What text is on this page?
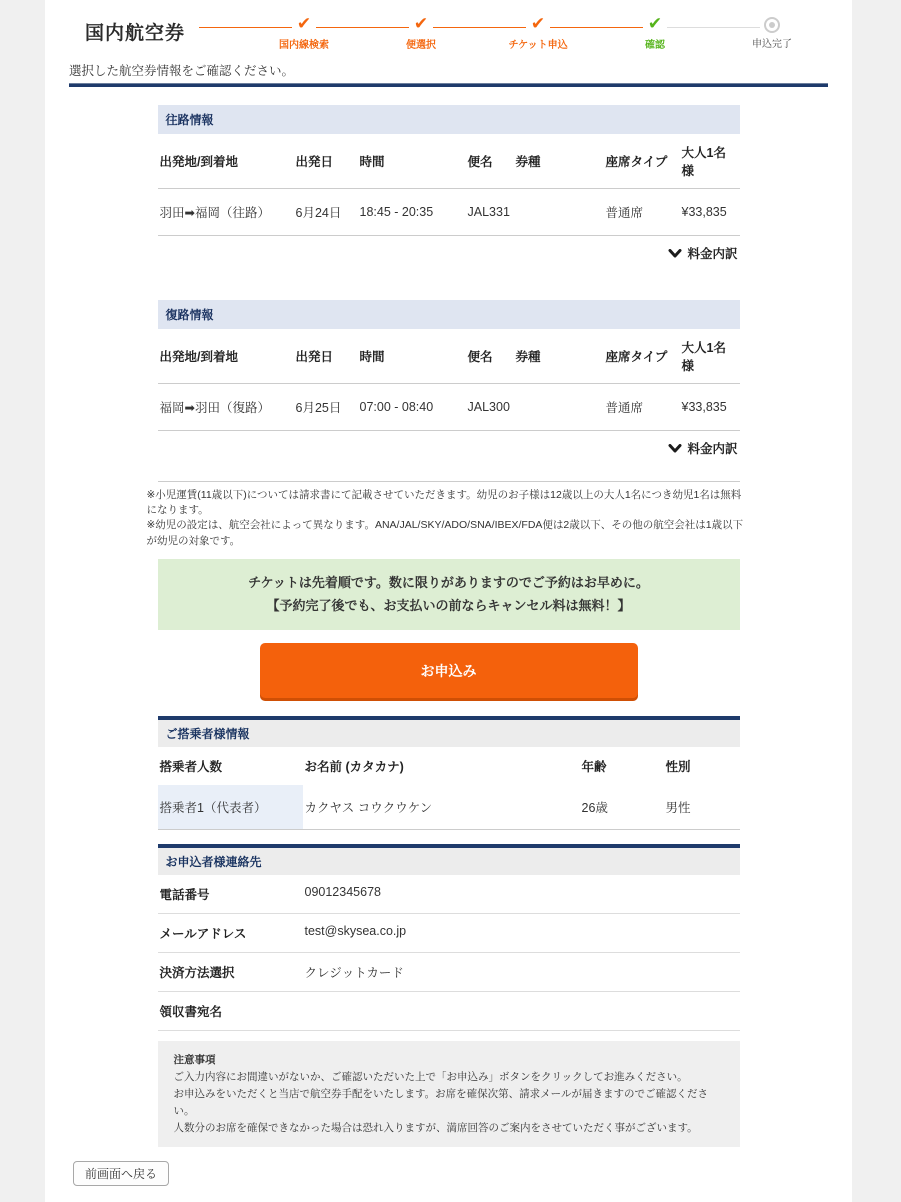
国内航空券	✔
国内線検索
✔
便選択
✔
チケット申込
✔
確認	申込完了
選択した航空券情報をご確認ください。
往路情報
出発地/到着地	出発日	時間	便名	券種	座席タイプ	大人1名様
羽田➡福岡（往路）	6月24日	18:45 - 20:35	JAL331		普通席	¥33,835
料金内訳
復路情報
出発地/到着地	出発日	時間	便名	券種	座席タイプ	大人1名様
福岡➡羽田（復路）	6月25日	07:00 - 08:40	JAL300		普通席	¥33,835
料金内訳
※小児運賃(11歳以下)については請求書にて記載させていただきます。幼児のお子様は12歳以上の大人1名につき幼児1名は無料になります。
※幼児の設定は、航空会社によって異なります。ANA/JAL/SKY/ADO/SNA/IBEX/FDA便は2歳以下、その他の航空会社は1歳以下が幼児の対象です。
チケットは先着順です。数に限りがありますのでご予約はお早めに。
【予約完了後でも、お支払いの前ならキャンセル料は無料！】
お申込み
ご搭乗者様情報
搭乗者人数	お名前 (カタカナ)	年齢	性別
搭乗者1（代表者）	カクヤス コウクウケン	26歳	男性
お申込者様連絡先
電話番号	09012345678
メールアドレス	test@skysea.co.jp
決済方法選択	クレジットカード
領収書宛名
注意事項
ご入力内容にお間違いがないか、ご確認いただいた上で「お申込み」ボタンをクリックしてお進みください。
お申込みをいただくと当店で航空券手配をいたします。お席を確保次第、請求メールが届きますのでご確認ください。
人数分のお席を確保できなかった場合は恐れ入りますが、満席回答のご案内をさせていただく事がございます。
前画面へ戻る
